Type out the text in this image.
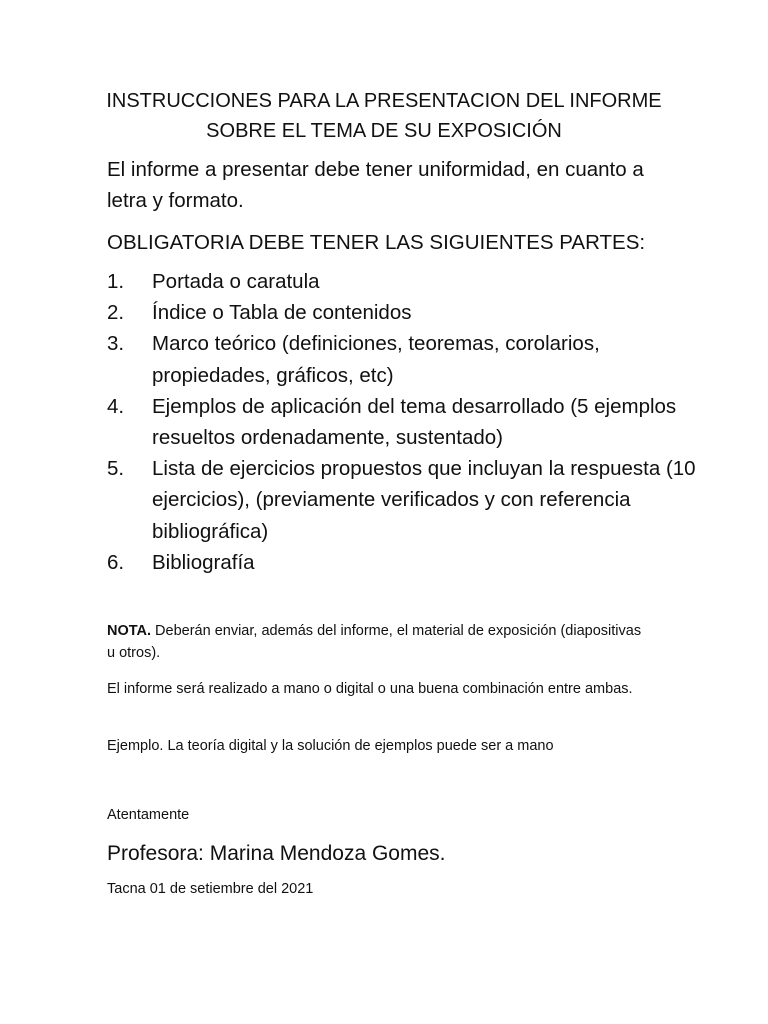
INSTRUCCIONES PARA LA PRESENTACION DEL INFORME
SOBRE EL TEMA DE SU EXPOSICIÓN
El informe a presentar debe tener uniformidad, en cuanto a letra y formato.
OBLIGATORIA DEBE TENER LAS SIGUIENTES PARTES:
1. Portada o caratula
2. Índice o Tabla de contenidos
3. Marco teórico (definiciones, teoremas, corolarios, propiedades, gráficos, etc)
4. Ejemplos de aplicación del tema desarrollado (5 ejemplos resueltos ordenadamente, sustentado)
5. Lista de ejercicios propuestos que incluyan la respuesta (10 ejercicios), (previamente verificados y con referencia bibliográfica)
6. Bibliografía
NOTA. Deberán enviar, además del informe, el material de exposición (diapositivas u otros).
El informe será realizado a mano o digital o una buena combinación entre ambas.
Ejemplo. La teoría digital y la solución de ejemplos puede ser a mano
Atentamente
Profesora: Marina Mendoza Gomes.
Tacna 01 de setiembre del 2021
